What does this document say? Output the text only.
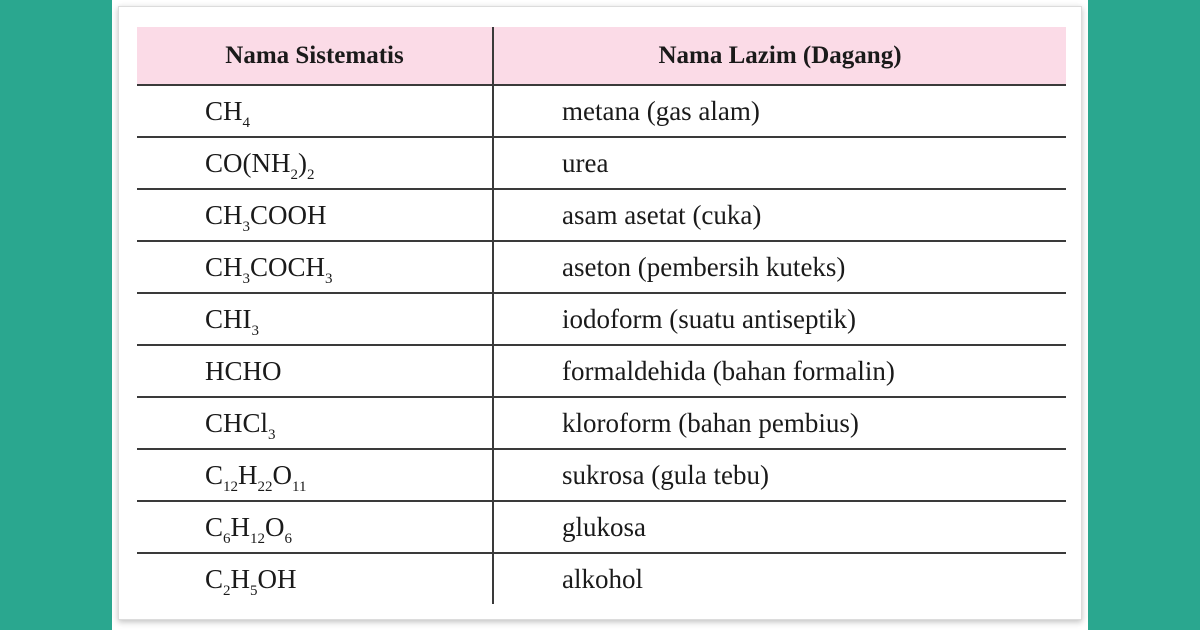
Nama Sistematis	Nama Lazim (Dagang)
$CH_4$	metana (gas alam)
$CO(NH_2)_2$	urea
$CH_3COOH$	asam asetat (cuka)
$CH_3COCH_3$	aseton (pembersih kuteks)
$CHI_3$	iodoform (suatu antiseptik)
HCHO	formaldehida (bahan formalin)
CHCl$_3$	kloroform (bahan pembius)
$C_{12}H_{22}O_{11}$	sukrosa (gula tebu)
$C_6H_{12}O_6$	glukosa
$C_2H_5OH$	alkohol
